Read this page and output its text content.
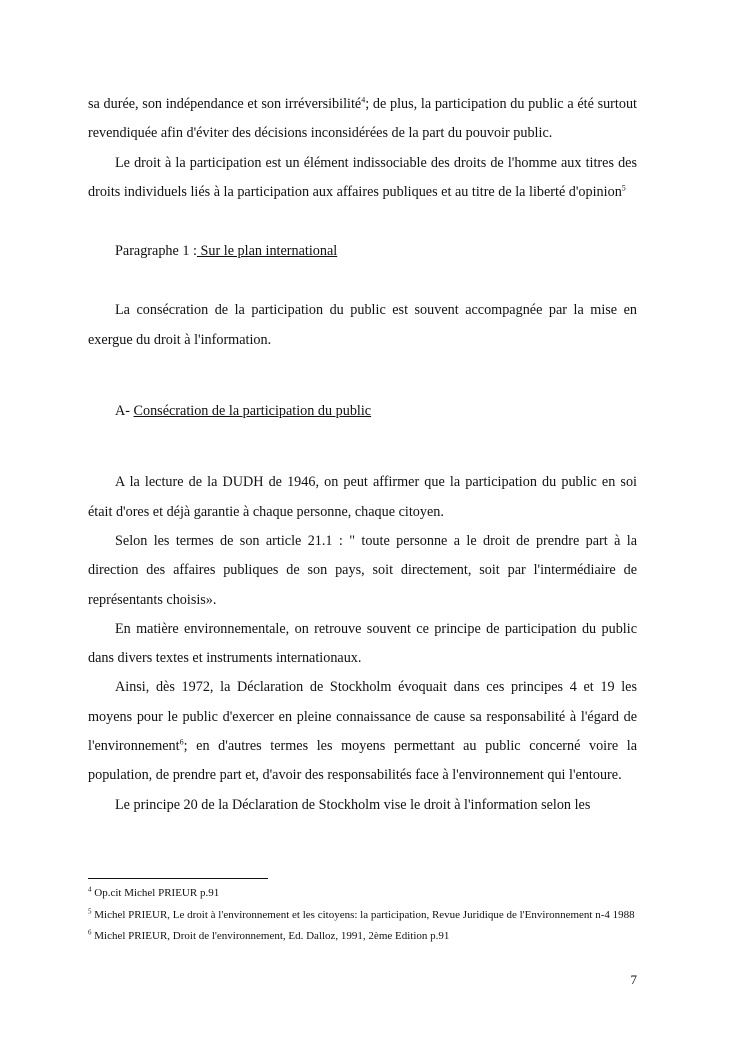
sa durée, son indépendance et son irréversibilité$^4$; de plus, la participation du public a été surtout revendiquée afin d'éviter des décisions inconsidérées de la part du pouvoir public.

Le droit à la participation est un élément indissociable des droits de l'homme aux titres des droits individuels liés à la participation aux affaires publiques et au titre de la liberté d'opinion$^5$

Paragraphe 1 : Sur le plan international

La consécration de la participation du public est souvent accompagnée par la mise en exergue du droit à l'information.

A- Consécration de la participation du public

A la lecture de la DUDH de 1946, on peut affirmer que la participation du public en soi était d'ores et déjà garantie à chaque personne, chaque citoyen.

Selon les termes de son article 21.1 : " toute personne a le droit de prendre part à la direction des affaires publiques de son pays, soit directement, soit par l'intermédiaire de représentants choisis».

En matière environnementale, on retrouve souvent ce principe de participation du public dans divers textes et instruments internationaux.

Ainsi, dès 1972, la Déclaration de Stockholm évoquait dans ces principes 4 et 19 les moyens pour le public d'exercer en pleine connaissance de cause sa responsabilité à l'égard de l'environnement$^6$; en d'autres termes les moyens permettant au public concerné voire la population, de prendre part et, d'avoir des responsabilités face à l'environnement qui l'entoure.

Le principe 20 de la Déclaration de Stockholm vise le droit à l'information selon les

$^4$ Op.cit Michel PRIEUR p.91

$^5$ Michel PRIEUR, Le droit à l'environnement et les citoyens: la participation, Revue Juridique de l'Environnement n-4 1988

$^6$ Michel PRIEUR, Droit de l'environnement, Ed. Dalloz, 1991, 2ème Edition p.91

7
